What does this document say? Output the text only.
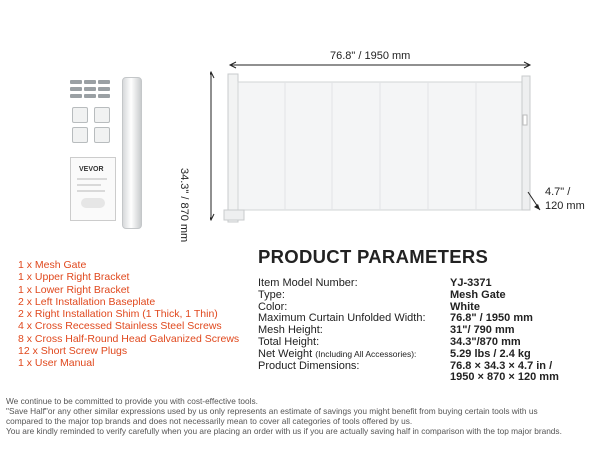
VEVOR
76.8" / 1950 mm
34.3" / 870 mm	4.7" /
120 mm
1 x Mesh Gate
1 x Upper Right Bracket
1 x Lower Right Bracket
2 x Left Installation Baseplate
2 x Right Installation Shim (1 Thick, 1 Thin)
4 x Cross Recessed Stainless Steel Screws
8 x Cross Half-Round Head Galvanized Screws
12 x Short Screw Plugs
1 x User Manual
PRODUCT PARAMETERS
Item Model Number:	YJ-3371
Type:	Mesh Gate
Color:	White
Maximum Curtain Unfolded Width: 76.8" / 1950 mm
Mesh Height:	31"/ 790 mm
Total Height:	34.3"/870 mm
Net Weight (Including All Accessories):	5.29 lbs / 2.4 kg
Product Dimensions:	76.8 × 34.3 × 4.7 in /
1950 × 870 × 120 mm
We continue to be committed to provide you with cost-effective tools.
"Save Half"or any other similar expressions used by us only represents an estimate of savings you might benefit from buying certain tools with us
compared to the major top brands and does not necessarily mean to cover all categories of tools offered by us.
You are kindly reminded to verify carefully when you are placing an order with us if you are actually saving half in comparison with the top major brands.
